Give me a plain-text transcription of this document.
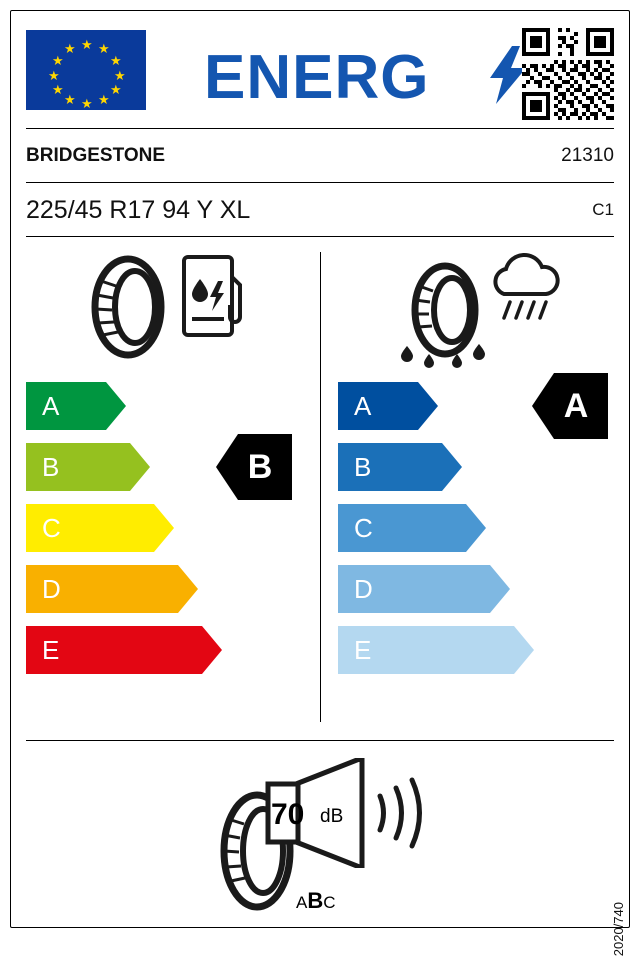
★ ★
★
★
★
★
★
★
★
★
★
★ ENERG
BRIDGESTONE	21310
225/45 R17 94 Y XL	C1
A
B
C
D
E
B
A
B
C
D
E
A
70 dB
ABC	2020/740
